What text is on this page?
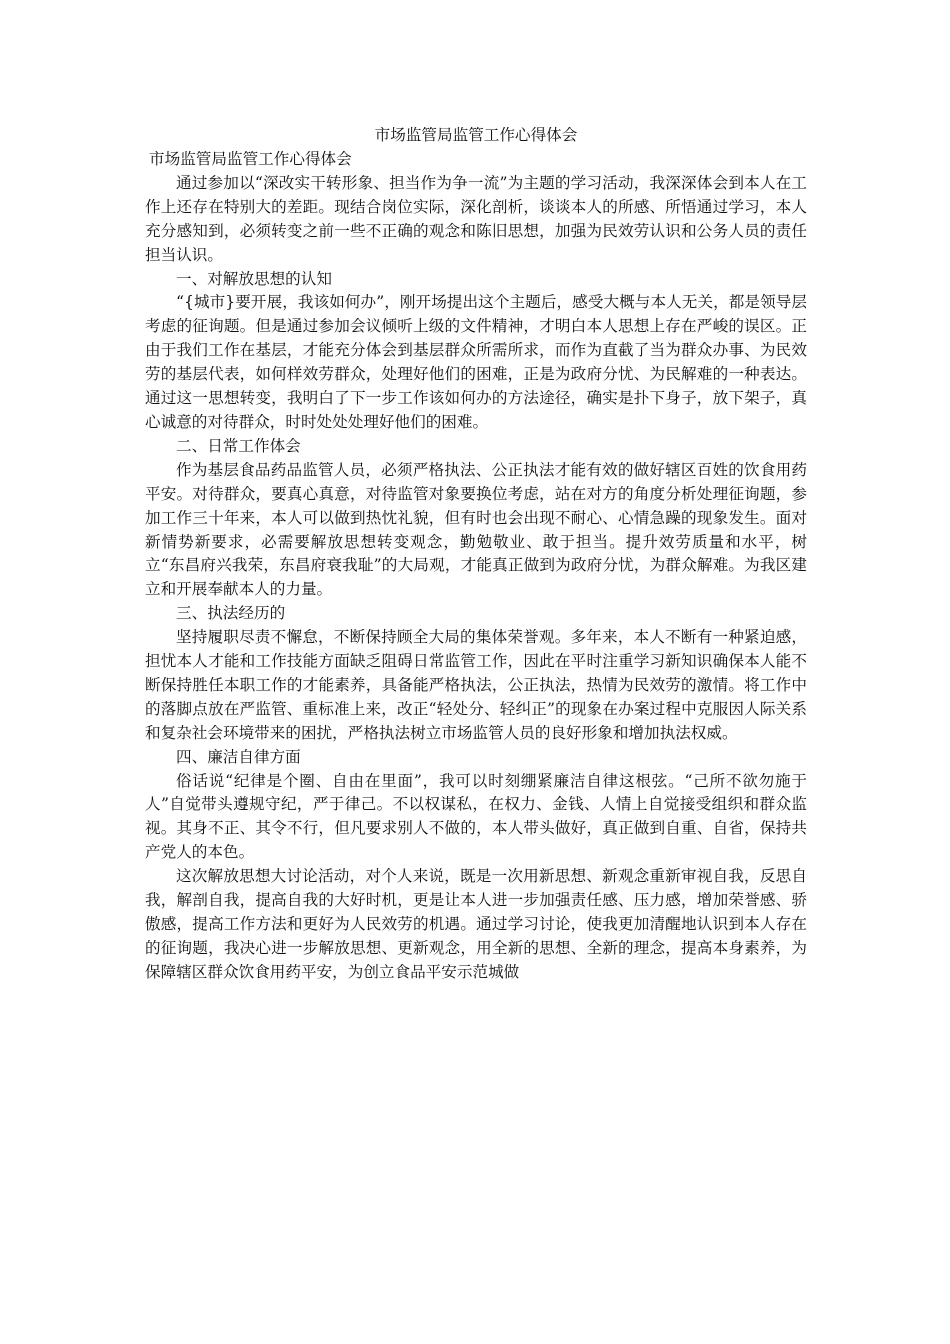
市场监管局监管工作心得体会
市场监管局监管工作心得体会

通过参加以“深改实干转形象、担当作为争一流”为主题的学习活动，我深深体会到本人在工作上还存在特别大的差距。现结合岗位实际，深化剖析，谈谈本人的所感、所悟通过学习，本人充分感知到，必须转变之前一些不正确的观念和陈旧思想，加强为民效劳认识和公务人员的责任担当认识。

一、对解放思想的认知

“{城市}要开展，我该如何办”，刚开场提出这个主题后，感受大概与本人无关，都是领导层考虑的征询题。但是通过参加会议倾听上级的文件精神，才明白本人思想上存在严峻的误区。正由于我们工作在基层，才能充分体会到基层群众所需所求，而作为直截了当为群众办事、为民效劳的基层代表，如何样效劳群众，处理好他们的困难，正是为政府分忧、为民解难的一种表达。通过这一思想转变，我明白了下一步工作该如何办的方法途径，确实是扑下身子，放下架子，真心诚意的对待群众，时时处处处理好他们的困难。

二、日常工作体会

作为基层食品药品监管人员，必须严格执法、公正执法才能有效的做好辖区百姓的饮食用药平安。对待群众，要真心真意，对待监管对象要换位考虑，站在对方的角度分析处理征询题，参加工作三十年来，本人可以做到热忱礼貌，但有时也会出现不耐心、心情急躁的现象发生。面对新情势新要求，必需要解放思想转变观念，勤勉敬业、敢于担当。提升效劳质量和水平，树立“东昌府兴我荣，东昌府衰我耻”的大局观，才能真正做到为政府分忧，为群众解难。为我区建立和开展奉献本人的力量。

三、执法经历的

坚持履职尽责不懈怠，不断保持顾全大局的集体荣誉观。多年来，本人不断有一种紧迫感，担忧本人才能和工作技能方面缺乏阻碍日常监管工作，因此在平时注重学习新知识确保本人能不断保持胜任本职工作的才能素养，具备能严格执法，公正执法，热情为民效劳的激情。将工作中的落脚点放在严监管、重标准上来，改正“轻处分、轻纠正”的现象在办案过程中克服因人际关系和复杂社会环境带来的困扰，严格执法树立市场监管人员的良好形象和增加执法权威。

四、廉洁自律方面

俗话说“纪律是个圈、自由在里面”，我可以时刻绷紧廉洁自律这根弦。“己所不欲勿施于人”自觉带头遵规守纪，严于律己。不以权谋私，在权力、金钱、人情上自觉接受组织和群众监视。其身不正、其令不行，但凡要求别人不做的，本人带头做好，真正做到自重、自省，保持共产党人的本色。

这次解放思想大讨论活动，对个人来说，既是一次用新思想、新观念重新审视自我，反思自我，解剖自我，提高自我的大好时机，更是让本人进一步加强责任感、压力感，增加荣誉感、骄傲感，提高工作方法和更好为人民效劳的机遇。通过学习讨论，使我更加清醒地认识到本人存在的征询题，我决心进一步解放思想、更新观念，用全新的思想、全新的理念，提高本身素养，为保障辖区群众饮食用药平安，为创立食品平安示范城做
